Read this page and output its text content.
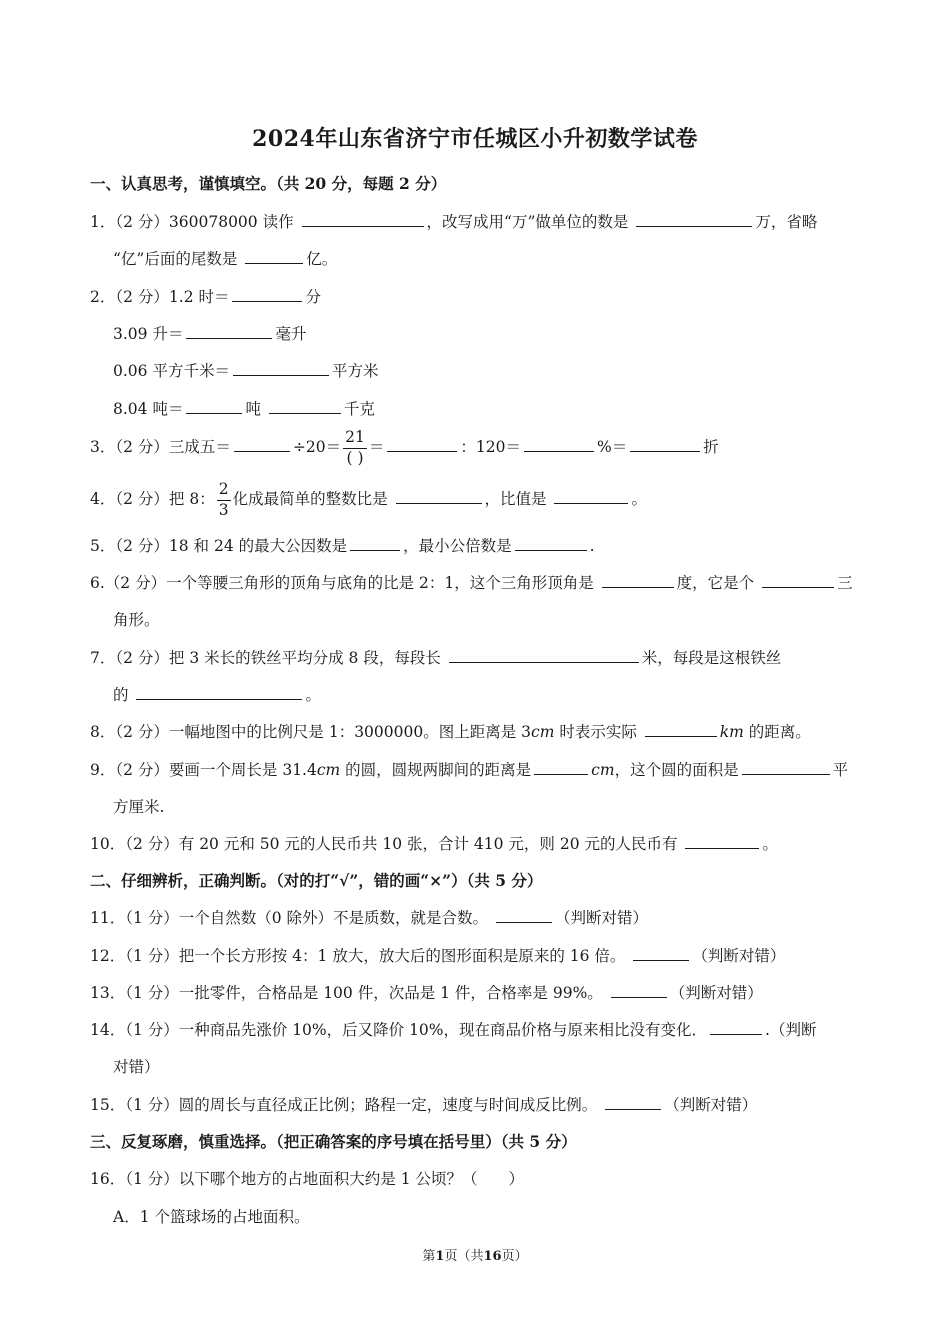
2024年山东省济宁市任城区小升初数学试卷
一、认真思考，谨慎填空。（共 20 分，每题 2 分）
1．（2 分）360078000 读作	，改写成用“万”做单位的数是	万，省略
“亿”后面的尾数是	亿。
2．（2 分）1.2 时＝	分
3.09 升＝	毫升
0.06 平方千米＝	平方米
8.04 吨＝	吨	千克
3．（2 分）三成五＝	$\div 20= \frac{21}{( )}$ ＝	：120＝	%＝	折
4．（2 分）把 8： $\frac{2}{3}$ 化成最简单的整数比是	，比值是	。
5．（2 分）18 和 24 的最大公因数是	，最小公倍数是	.
6.（2 分）一个等腰三角形的顶角与底角的比是 2：1，这个三角形顶角是	度，它是个	三
角形。
7．（2 分）把 3 米长的铁丝平均分成 8 段，每段长	米，每段是这根铁丝
的	。
8．（2 分）一幅地图中的比例尺是 1：3000000。图上距离是 3cm 时表示实际	km 的距离。
9．（2 分）要画一个周长是 31.4cm 的圆，圆规两脚间的距离是	cm，这个圆的面积是	平
方厘米.
10．（2 分）有 20 元和 50 元的人民币共 10 张，合计 410 元，则 20 元的人民币有	。
二、仔细辨析，正确判断。（对的打“√”，错的画“×”）（共 5 分）
11．（1 分）一个自然数（0 除外）不是质数，就是合数。	（判断对错）
12．（1 分）把一个长方形按 4：1 放大，放大后的图形面积是原来的 16 倍。	（判断对错）
13．（1 分）一批零件，合格品是 100 件，次品是 1 件，合格率是 99%。	（判断对错）
14．（1 分）一种商品先涨价 10%，后又降价 10%，现在商品价格与原来相比没有变化．	.（判断
对错）
15．（1 分）圆的周长与直径成正比例；路程一定，速度与时间成反比例。	（判断对错）
三、反复琢磨，慎重选择。（把正确答案的序号填在括号里）（共 5 分）
16．（1 分）以下哪个地方的占地面积大约是 1 公顷？（　　）
A．1 个篮球场的占地面积。
第1页（共16页）
